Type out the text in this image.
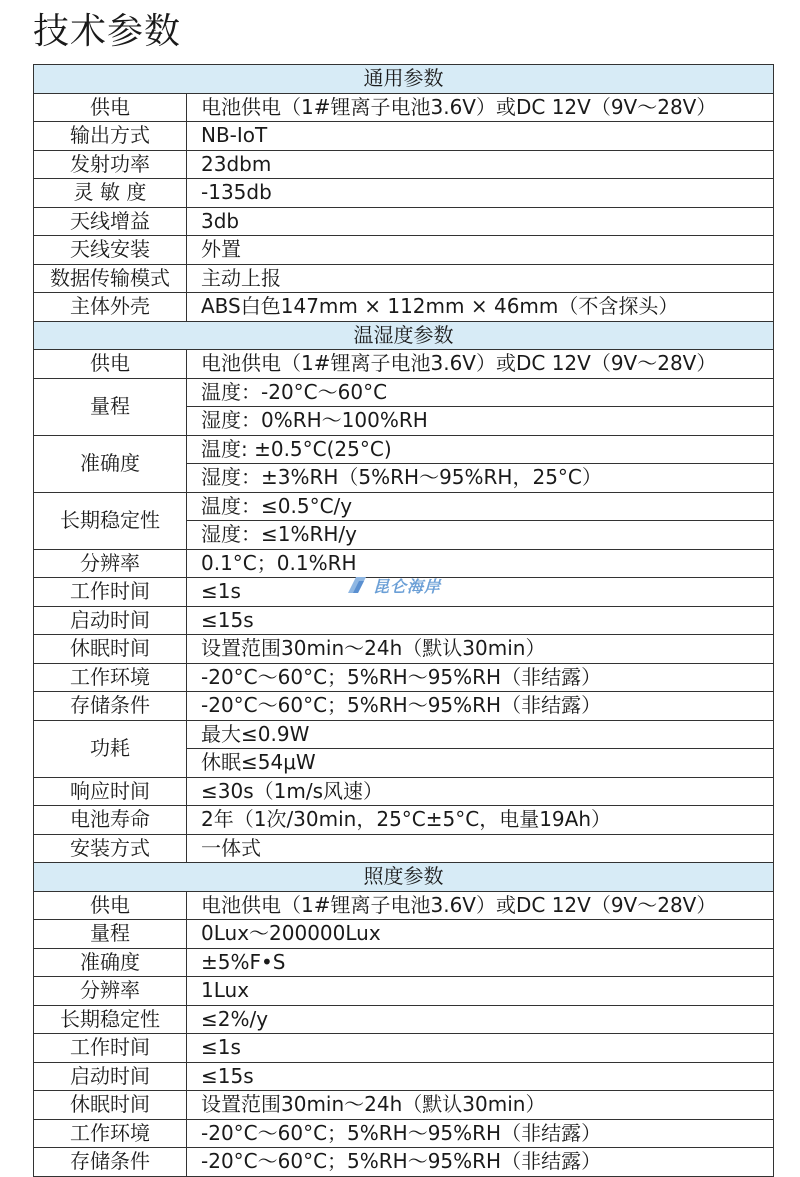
技术参数
通用参数	
供电	电池供电（1#锂离子电池3.6V）或DC 12V（9V～28V）
输出方式	NB-IoT
发射功率	23dbm
灵 敏 度	-135db
天线增益	3db
天线安装	外置
数据传输模式	主动上报
主体外壳	ABS白色147mm × 112mm × 46mm（不含探头）
温湿度参数	
供电	电池供电（1#锂离子电池3.6V）或DC 12V（9V～28V）
量程	温度：-20°C～60°C
	湿度：0%RH～100%RH
准确度	温度: ±0.5°C(25°C)
	湿度：±3%RH（5%RH～95%RH，25°C）
长期稳定性	温度：≤0.5°C/y
	湿度：≤1%RH/y
分辨率	0.1°C；0.1%RH
工作时间	≤1s
启动时间	≤15s
休眠时间	设置范围30min～24h（默认30min）
工作环境	-20°C～60°C；5%RH～95%RH（非结露）
存储条件	-20°C～60°C；5%RH～95%RH（非结露）
功耗	最大≤0.9W
	休眠≤54μW
响应时间	≤30s（1m/s风速）
电池寿命	2年（1次/30min，25°C±5°C，电量19Ah）
安装方式	一体式
照度参数	
供电	电池供电（1#锂离子电池3.6V）或DC 12V（9V～28V）
量程	0Lux～200000Lux
准确度	±5%F•S
分辨率	1Lux
长期稳定性	≤2%/y
工作时间	≤1s
启动时间	≤15s
休眠时间	设置范围30min～24h（默认30min）
工作环境	-20°C～60°C；5%RH～95%RH（非结露）
存储条件	-20°C～60°C；5%RH～95%RH（非结露）
昆仑海岸
